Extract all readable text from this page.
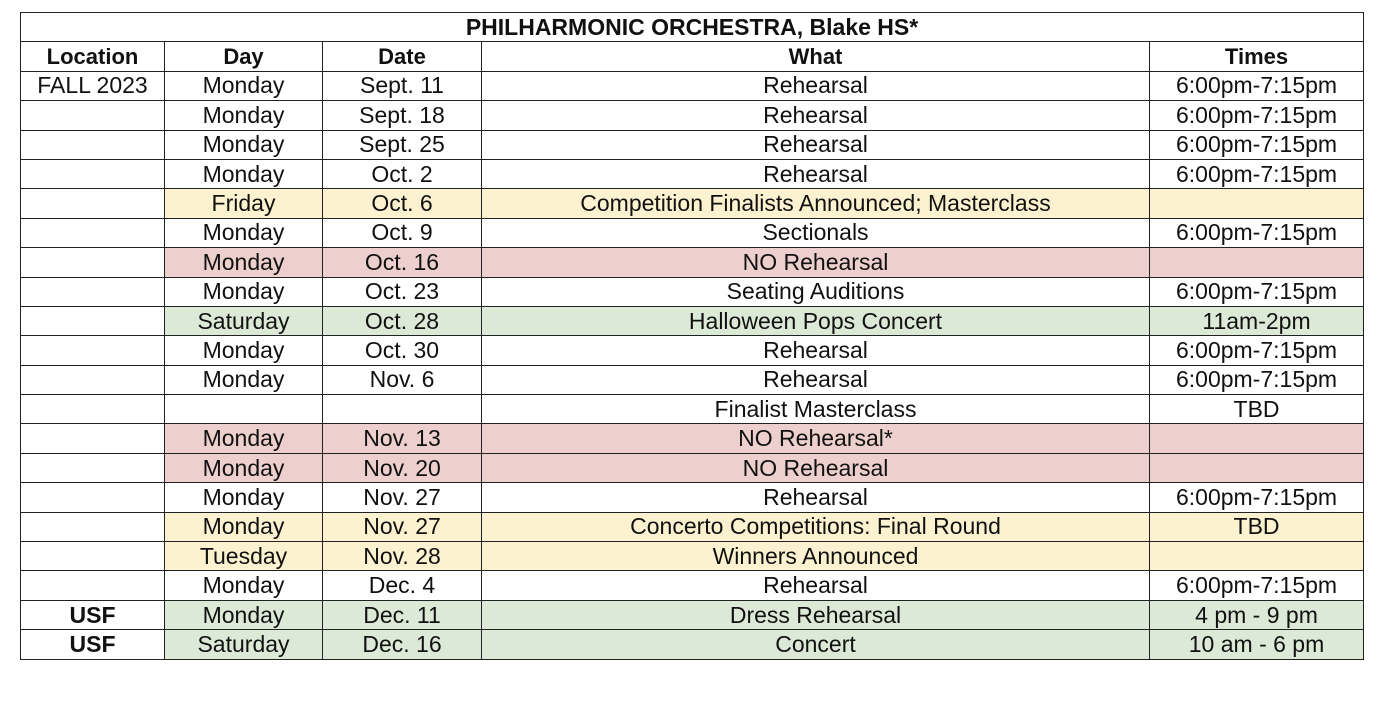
PHILHARMONIC ORCHESTRA, Blake HS*				
Location	Day	Date	What	Times
FALL 2023	Monday	Sept. 11	Rehearsal	6:00pm-7:15pm
	Monday	Sept. 18	Rehearsal	6:00pm-7:15pm
	Monday	Sept. 25	Rehearsal	6:00pm-7:15pm
	Monday	Oct. 2	Rehearsal	6:00pm-7:15pm
	Friday	Oct. 6	Competition Finalists Announced; Masterclass	
	Monday	Oct. 9	Sectionals	6:00pm-7:15pm
	Monday	Oct. 16	NO Rehearsal	
	Monday	Oct. 23	Seating Auditions	6:00pm-7:15pm
	Saturday	Oct. 28	Halloween Pops Concert	11am-2pm
	Monday	Oct. 30	Rehearsal	6:00pm-7:15pm
	Monday	Nov. 6	Rehearsal	6:00pm-7:15pm
			Finalist Masterclass	TBD
	Monday	Nov. 13	NO Rehearsal*	
	Monday	Nov. 20	NO Rehearsal	
	Monday	Nov. 27	Rehearsal	6:00pm-7:15pm
	Monday	Nov. 27	Concerto Competitions: Final Round	TBD
	Tuesday	Nov. 28	Winners Announced	
	Monday	Dec. 4	Rehearsal	6:00pm-7:15pm
USF	Monday	Dec. 11	Dress Rehearsal	4 pm - 9 pm
USF	Saturday	Dec. 16	Concert	10 am - 6 pm
